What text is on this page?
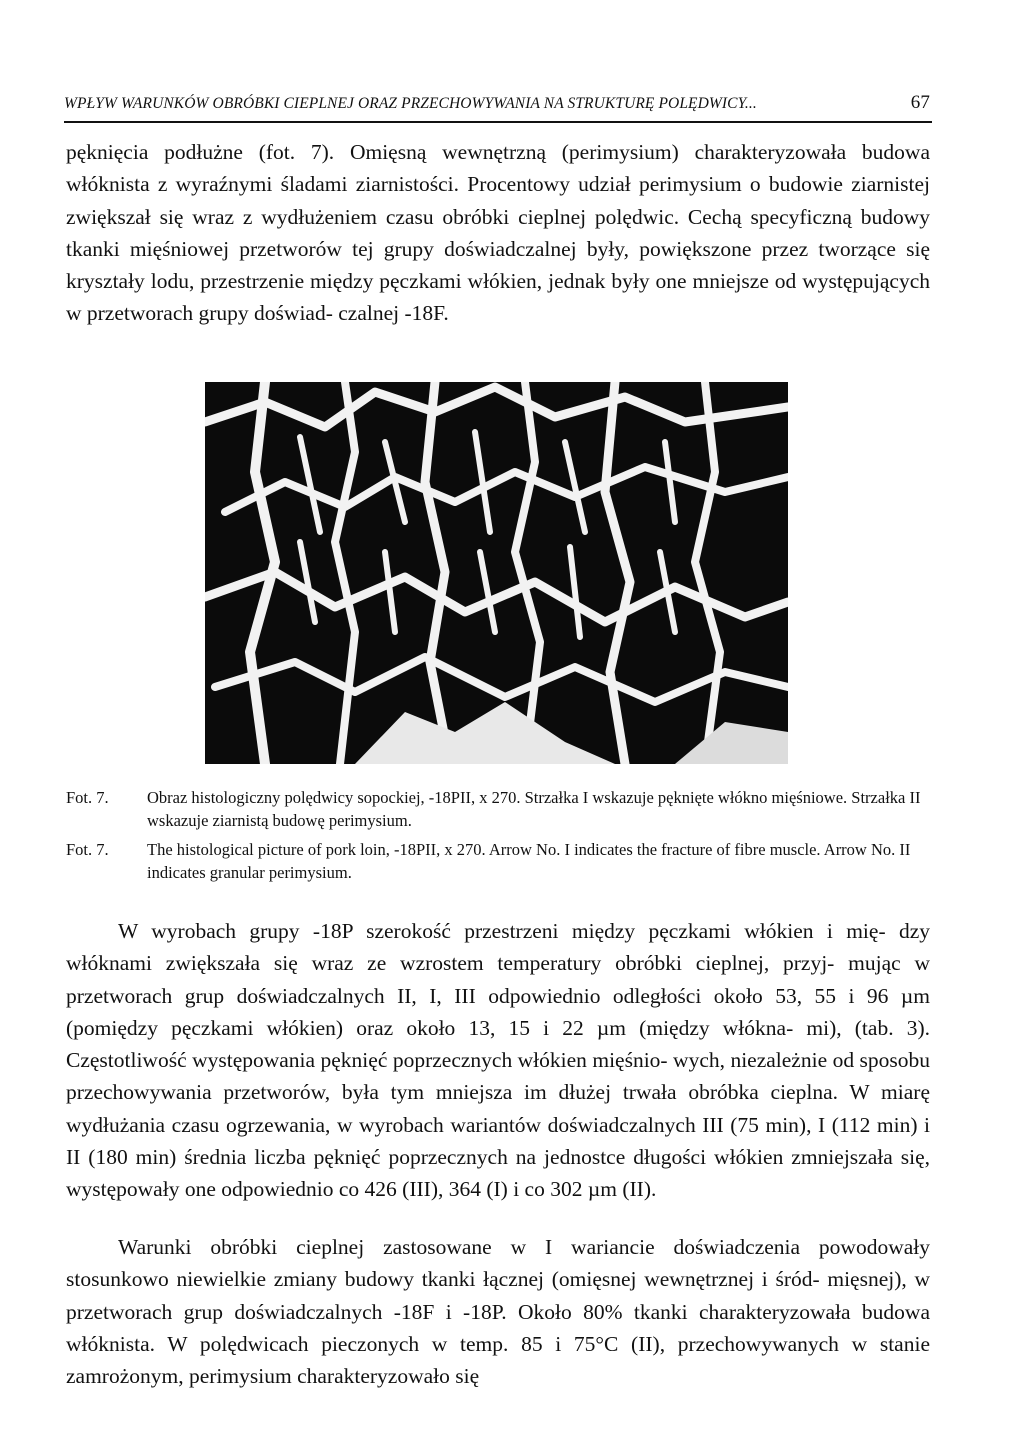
WPŁYW WARUNKÓW OBRÓBKI CIEPLNEJ ORAZ PRZECHOWYWANIA NA STRUKTURĘ POLĘDWICY...	67

pęknięcia podłużne (fot. 7). Omięsną wewnętrzną (perimysium) charakteryzowała budowa włóknista z wyraźnymi śladami ziarnistości. Procentowy udział perimysium o budowie ziarnistej zwiększał się wraz z wydłużeniem czasu obróbki cieplnej polędwic. Cechą specyficzną budowy tkanki mięśniowej przetworów tej grupy doświadczalnej były, powiększone przez tworzące się kryształy lodu, przestrzenie między pęczkami włókien, jednak były one mniejsze od występujących w przetworach grupy doświad- czalnej -18F.

Fot. 7.	Obraz histologiczny polędwicy sopockiej, -18PII, x 270. Strzałka I wskazuje pęknięte włókno mięśniowe. Strzałka II wskazuje ziarnistą budowę perimysium.
Fot. 7.	The histological picture of pork loin, -18PII, x 270. Arrow No. I indicates the fracture of fibre muscle. Arrow No. II indicates granular perimysium.

W wyrobach grupy -18P szerokość przestrzeni między pęczkami włókien i mię- dzy włóknami zwiększała się wraz ze wzrostem temperatury obróbki cieplnej, przyj- mując w przetworach grup doświadczalnych II, I, III odpowiednio odległości około 53, 55 i 96 µm (pomiędzy pęczkami włókien) oraz około 13, 15 i 22 µm (między włókna- mi), (tab. 3). Częstotliwość występowania pęknięć poprzecznych włókien mięśnio- wych, niezależnie od sposobu przechowywania przetworów, była tym mniejsza im dłużej trwała obróbka cieplna. W miarę wydłużania czasu ogrzewania, w wyrobach wariantów doświadczalnych III (75 min), I (112 min) i II (180 min) średnia liczba pęknięć poprzecznych na jednostce długości włókien zmniejszała się, występowały one odpowiednio co 426 (III), 364 (I) i co 302 µm (II).

Warunki obróbki cieplnej zastosowane w I wariancie doświadczenia powodowały stosunkowo niewielkie zmiany budowy tkanki łącznej (omięsnej wewnętrznej i śród- mięsnej), w przetworach grup doświadczalnych -18F i -18P. Około 80% tkanki charakteryzowała budowa włóknista. W polędwicach pieczonych w temp. 85 i 75°C (II), przechowywanych w stanie zamrożonym, perimysium charakteryzowało się
